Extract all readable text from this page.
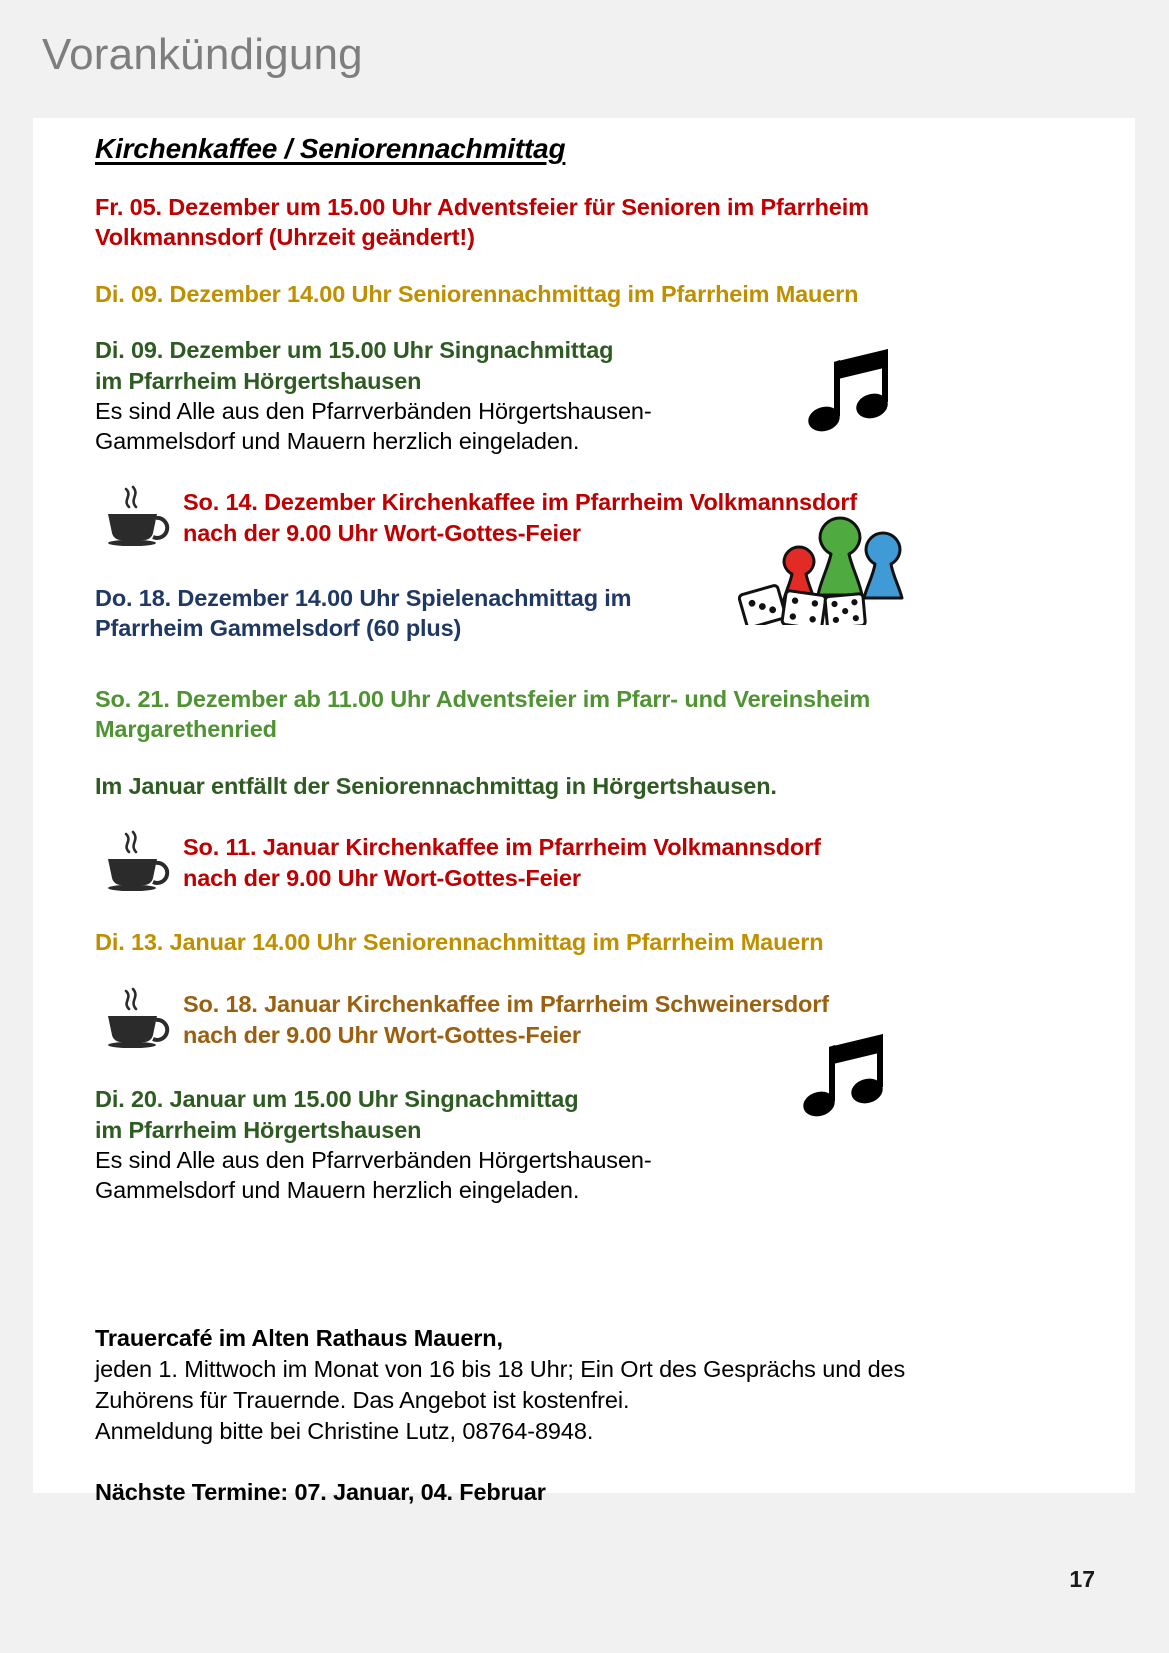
Vorankündigung
17
Kirchenkaffee / Seniorennachmittag
Fr. 05. Dezember um 15.00 Uhr Adventsfeier für Senioren im Pfarrheim
Volkmannsdorf (Uhrzeit geändert!)
Di. 09. Dezember 14.00 Uhr Seniorennachmittag im Pfarrheim Mauern
Di. 09. Dezember um 15.00 Uhr Singnachmittag
im Pfarrheim Hörgertshausen
Es sind Alle aus den Pfarrverbänden Hörgertshausen-
Gammelsdorf und Mauern herzlich eingeladen.
So. 14. Dezember Kirchenkaffee im Pfarrheim Volkmannsdorf
nach der 9.00 Uhr Wort-Gottes-Feier
Do. 18. Dezember 14.00 Uhr Spielenachmittag im
Pfarrheim Gammelsdorf (60 plus)
So. 21. Dezember ab 11.00 Uhr Adventsfeier im Pfarr- und Vereinsheim
Margarethenried
Im Januar entfällt der Seniorennachmittag in Hörgertshausen.
So. 11. Januar Kirchenkaffee im Pfarrheim Volkmannsdorf
nach der 9.00 Uhr Wort-Gottes-Feier
Di. 13. Januar 14.00 Uhr Seniorennachmittag im Pfarrheim Mauern
So. 18. Januar Kirchenkaffee im Pfarrheim Schweinersdorf
nach der 9.00 Uhr Wort-Gottes-Feier
Di. 20. Januar um 15.00 Uhr Singnachmittag
im Pfarrheim Hörgertshausen
Es sind Alle aus den Pfarrverbänden Hörgertshausen-
Gammelsdorf und Mauern herzlich eingeladen.
Trauercafé im Alten Rathaus Mauern,
jeden 1. Mittwoch im Monat von 16 bis 18 Uhr; Ein Ort des Gesprächs und des
Zuhörens für Trauernde. Das Angebot ist kostenfrei.
Anmeldung bitte bei Christine Lutz, 08764-8948.
Nächste Termine: 07. Januar, 04. Februar
